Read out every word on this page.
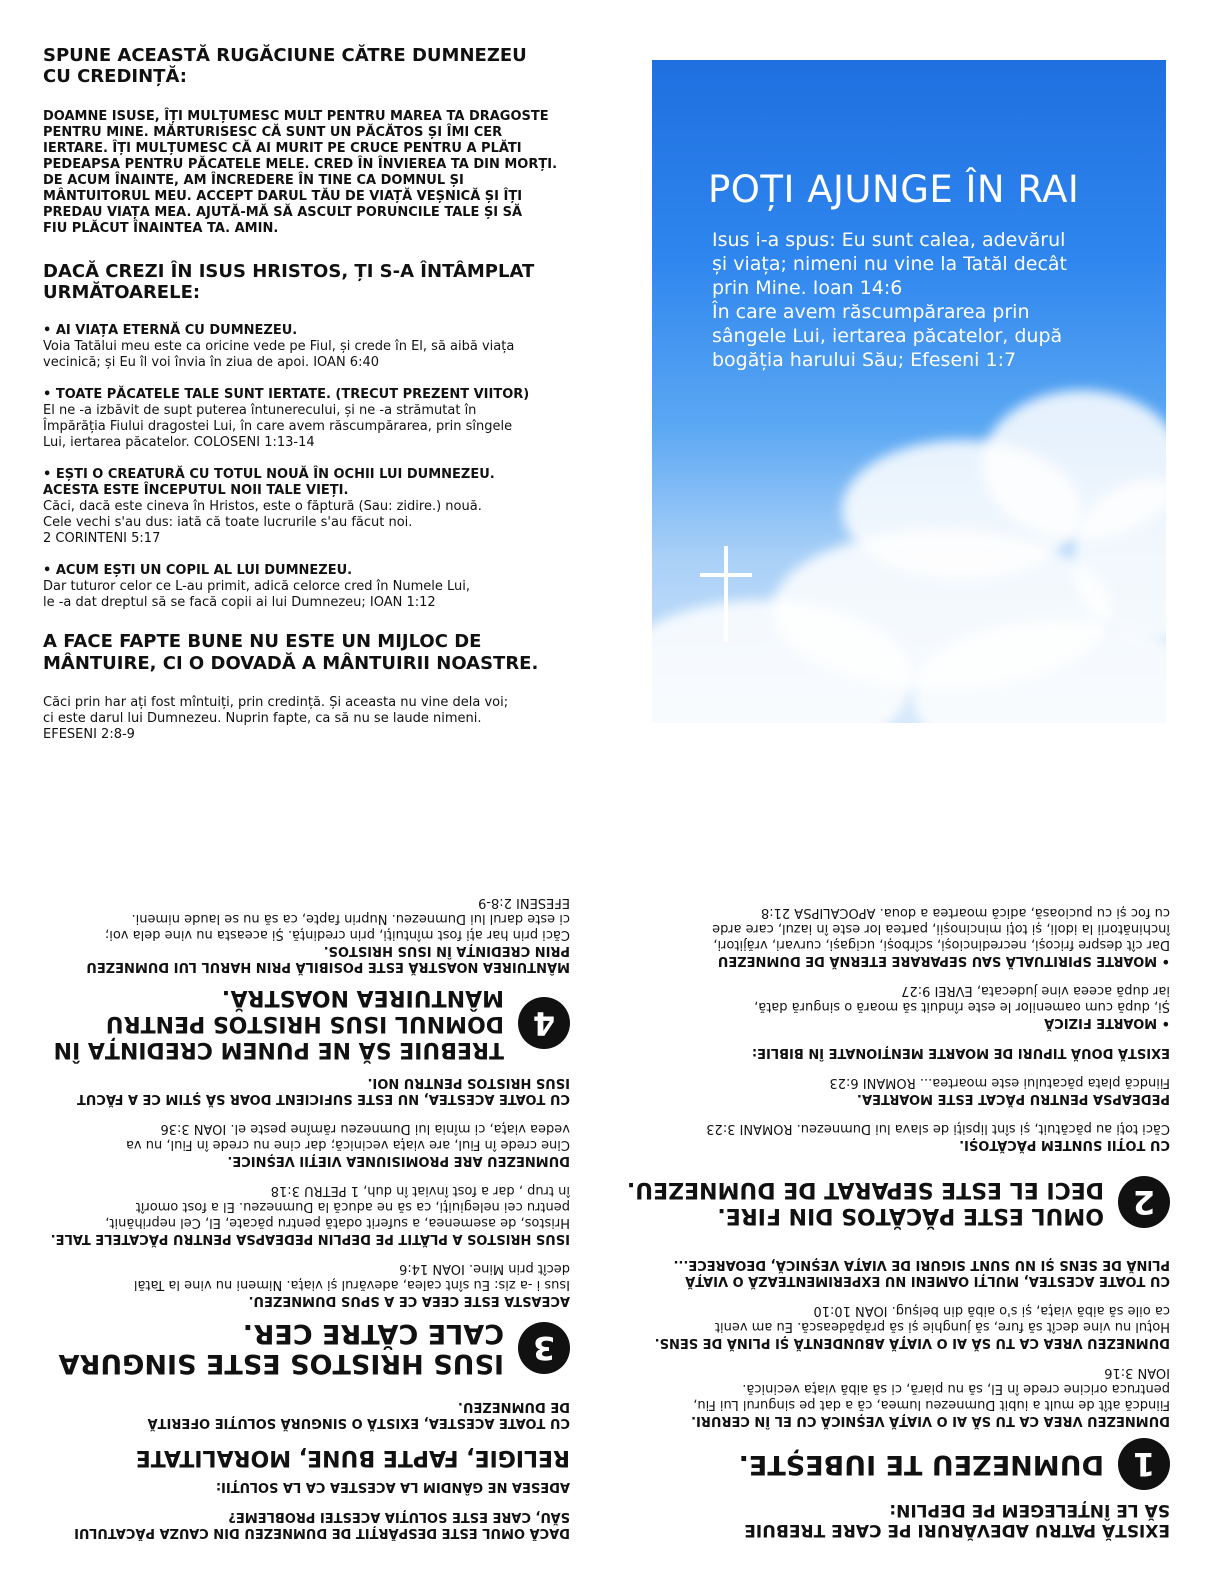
SPUNE ACEASTĂ RUGĂCIUNE CĂTRE DUMNEZEU
CU CREDINȚĂ:

DOAMNE ISUSE, ÎȚI MULȚUMESC MULT PENTRU MAREA TA DRAGOSTE
PENTRU MINE. MĂRTURISESC CĂ SUNT UN PĂCĂTOS ȘI ÎMI CER
IERTARE. ÎȚI MULȚUMESC CĂ AI MURIT PE CRUCE PENTRU A PLĂTI
PEDEAPSA PENTRU PĂCATELE MELE. CRED ÎN ÎNVIEREA TA DIN MORȚI.
DE ACUM ÎNAINTE, AM ÎNCREDERE ÎN TINE CA DOMNUL ȘI
MÂNTUITORUL MEU. ACCEPT DARUL TĂU DE VIAȚĂ VEȘNICĂ ȘI ÎȚI
PREDAU VIAȚA MEA. AJUTĂ-MĂ SĂ ASCULT PORUNCILE TALE ȘI SĂ
FIU PLĂCUT ÎNAINTEA TA. AMIN.

DACĂ CREZI ÎN ISUS HRISTOS, ȚI S-A ÎNTÂMPLAT
URMĂTOARELE:

• AI VIAȚA ETERNĂ CU DUMNEZEU.

Voia Tatălui meu este ca oricine vede pe Fiul, și crede în El, să aibă viața
vecinică; și Eu îl voi învia în ziua de apoi. IOAN 6:40

• TOATE PĂCATELE TALE SUNT IERTATE. (TRECUT PREZENT VIITOR)

El ne -a izbăvit de supt puterea întunerecului, și ne -a strămutat în
Împărăția Fiului dragostei Lui, în care avem răscumpărarea, prin sîngele
Lui, iertarea păcatelor. COLOSENI 1:13-14

• EȘTI O CREATURĂ CU TOTUL NOUĂ ÎN OCHII LUI DUMNEZEU.
ACESTA ESTE ÎNCEPUTUL NOII TALE VIEȚI.

Căci, dacă este cineva în Hristos, este o făptură (Sau: zidire.) nouă.
Cele vechi s'au dus: iată că toate lucrurile s'au făcut noi.
2 CORINTENI 5:17

• ACUM EȘTI UN COPIL AL LUI DUMNEZEU.

Dar tuturor celor ce L-au primit, adică celorce cred în Numele Lui,
le -a dat dreptul să se facă copii ai lui Dumnezeu; IOAN 1:12

A FACE FAPTE BUNE NU ESTE UN MIJLOC DE
MÂNTUIRE, CI O DOVADĂ A MÂNTUIRII NOASTRE.

Căci prin har ați fost mîntuiți, prin credință. Și aceasta nu vine dela voi;
ci este darul lui Dumnezeu. Nuprin fapte, ca să nu se laude nimeni.
EFESENI 2:8-9

POȚI AJUNGE ÎN RAI
Isus i-a spus: Eu sunt calea, adevărul
și viața; nimeni nu vine la Tatăl decât
prin Mine. Ioan 14:6
În care avem răscumpărarea prin
sângele Lui, iertarea păcatelor, după
bogăția harului Său; Efeseni 1:7

EXISTĂ PATRU ADEVĂRURI PE CARE TREBUIE
SĂ LE ÎNȚELEGEM PE DEPLIN:

1
DUMNEZEU TE IUBEȘTE.

DUMNEZEU VREA CA TU SĂ AI O VIAȚĂ VEȘNICĂ CU EL ÎN CERURI.

Fiindcă atît de mult a iubit Dumnezeu lumea, că a dat pe singurul Lui Fiu,
pentruca oricine crede în El, să nu piară, ci să aibă viața vecinică.
IOAN 3:16

DUMNEZEU VREA CA TU SĂ AI O VIAȚĂ ABUNDENTĂ ȘI PLINĂ DE SENS.

Hoțul nu vine decît să fure, să junghie și să prăpădească. Eu am venit
ca oile să aibă viața, și s'o aibă din belșug. IOAN 10:10

CU TOATE ACESTEA, MULȚI OAMENI NU EXPERIMENTEAZĂ O VIAȚĂ
PLINĂ DE SENS ȘI NU SUNT SIGURI DE VIAȚA VEȘNICĂ, DEOARECE...

2

OMUL ESTE PĂCĂTOS DIN FIRE.
DECI EL ESTE SEPARAT DE DUMNEZEU.

CU TOȚII SUNTEM PĂCĂTOȘI.

Căci toți au păcătuit, și sînt lipsiți de slava lui Dumnezeu. ROMANI 3:23

PEDEAPSA PENTRU PĂCAT ESTE MOARTEA.

Fiindcă plata păcatului este moartea... ROMANI 6:23

EXISTĂ DOUĂ TIPURI DE MOARTE MENȚIONATE ÎN BIBLIE:

• MOARTE FIZICĂ

Și, după cum oamenilor le este rînduit să moară o singură dată,
iar după aceea vine judecata, EVREI 9:27

• MOARTE SPIRITUALĂ SAU SEPARARE ETERNĂ DE DUMNEZEU

Dar cît despre fricoși, necredincioși, scîrboși, ucigași, curvari, vrăjitori,
închinătorii la idoli, și toți mincinoșii, partea lor este în iazul, care arde
cu foc și cu pucioasă, adică moartea a doua. APOCALIPSA 21:8

DACĂ OMUL ESTE DESPĂRȚIT DE DUMNEZEU DIN CAUZA PĂCATULUI
SĂU, CARE ESTE SOLUȚIA ACESTEI PROBLEME?

ADESEA NE GÂNDIM LA ACESTEA CA LA SOLUȚII:

RELIGIE, FAPTE BUNE, MORALITATE

CU TOATE ACESTEA, EXISTĂ O SINGURĂ SOLUȚIE OFERITĂ
DE DUMNEZEU.

3

ISUS HRISTOS ESTE SINGURA
CALE CĂTRE CER.

ACEASTA ESTE CEEA CE A SPUS DUMNEZEU.

Isus i -a zis: Eu sînt calea, adevărul și viața. Nimeni nu vine la Tatăl
decît prin Mine. IOAN 14:6

ISUS HRISTOS A PLĂTIT PE DEPLIN PEDEAPSA PENTRU PĂCATELE TALE.

Hristos, de asemenea, a suferit odată pentru păcate, El, Cel neprihănit,
pentru cei nelegiuiți, ca să ne aducă la Dumnezeu. El a fost omorît
în trup , dar a fost înviat în duh, 1 PETRU 3:18

DUMNEZEU ARE PROMISIUNEA VIEȚII VEȘNICE.

Cine crede în Fiul, are viața vecinică; dar cine nu crede în Fiul, nu va
vedea viața, ci mînia lui Dumnezeu rămîne peste el. IOAN 3:36

CU TOATE ACESTEA, NU ESTE SUFICIENT DOAR SĂ ȘTIM CE A FĂCUT
ISUS HRISTOS PENTRU NOI.

4

TREBUIE SĂ NE PUNEM CREDINȚA ÎN
DOMNUL ISUS HRISTOS PENTRU
MÂNTUIREA NOASTRĂ.

MÂNTUIREA NOASTRĂ ESTE POSIBILĂ PRIN HARUL LUI DUMNEZEU
PRIN CREDINȚA ÎN ISUS HRISTOS.

Căci prin har ați fost mîntuiți, prin credință. Și aceasta nu vine dela voi;
ci este darul lui Dumnezeu. Nuprin fapte, ca să nu se laude nimeni.
EFESENI 2:8-9
